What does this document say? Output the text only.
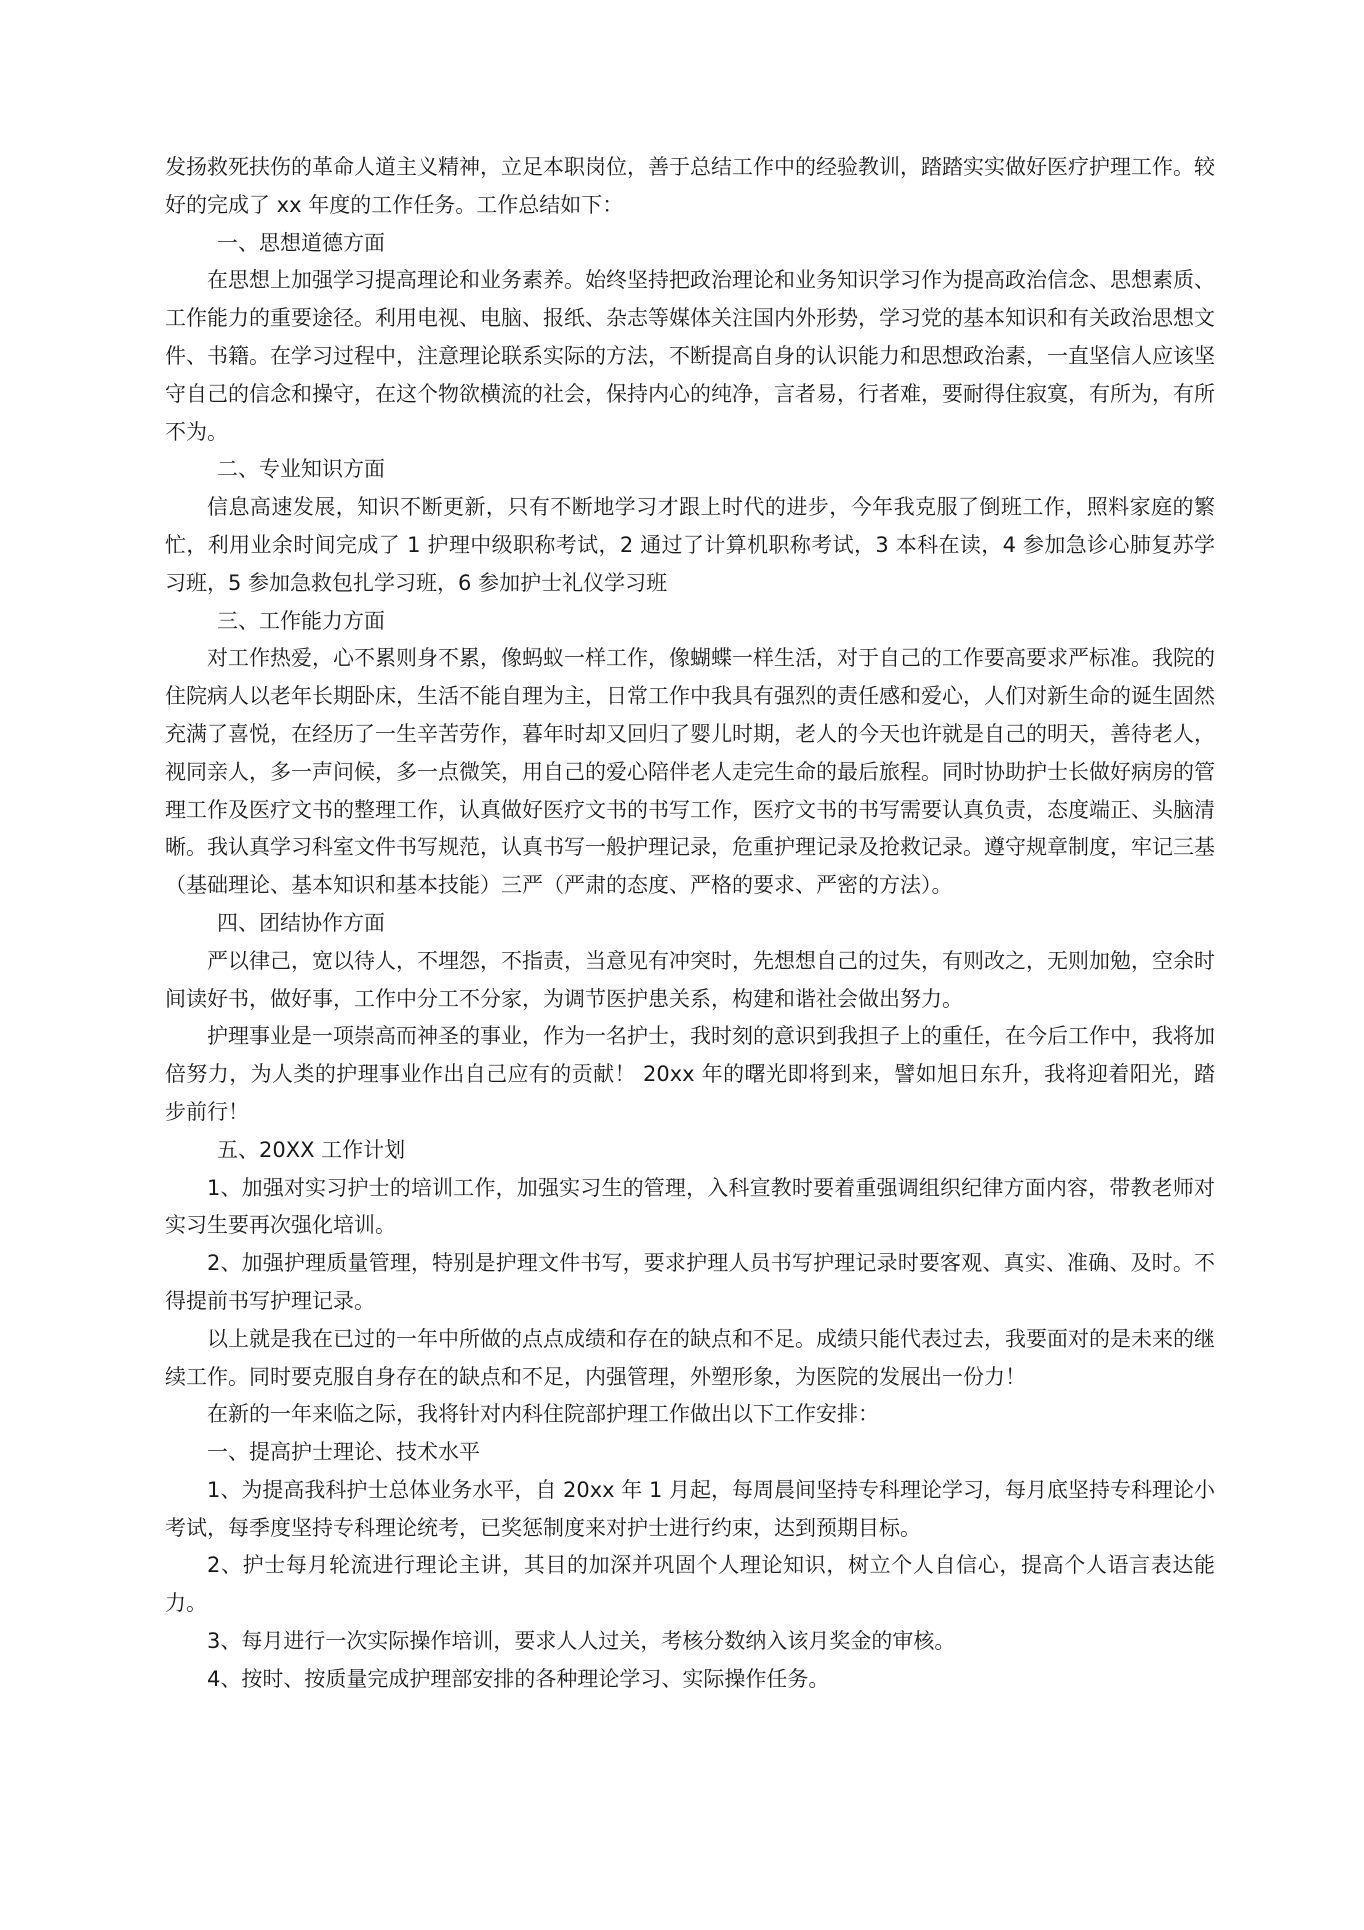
发扬救死扶伤的革命人道主义精神，立足本职岗位，善于总结工作中的经验教训，踏踏实实做好医疗护理工作。较好的完成了 xx 年度的工作任务。工作总结如下：

一、思想道德方面

在思想上加强学习提高理论和业务素养。始终坚持把政治理论和业务知识学习作为提高政治信念、思想素质、工作能力的重要途径。利用电视、电脑、报纸、杂志等媒体关注国内外形势，学习党的基本知识和有关政治思想文件、书籍。在学习过程中，注意理论联系实际的方法，不断提高自身的认识能力和思想政治素，一直坚信人应该坚守自己的信念和操守，在这个物欲横流的社会，保持内心的纯净，言者易，行者难，要耐得住寂寞，有所为，有所不为。

二、专业知识方面

信息高速发展，知识不断更新，只有不断地学习才跟上时代的进步，今年我克服了倒班工作，照料家庭的繁忙，利用业余时间完成了 1 护理中级职称考试，2 通过了计算机职称考试，3 本科在读，4 参加急诊心肺复苏学习班，5 参加急救包扎学习班，6 参加护士礼仪学习班

三、工作能力方面

对工作热爱，心不累则身不累，像蚂蚁一样工作，像蝴蝶一样生活，对于自己的工作要高要求严标准。我院的住院病人以老年长期卧床，生活不能自理为主，日常工作中我具有强烈的责任感和爱心，人们对新生命的诞生固然充满了喜悦，在经历了一生辛苦劳作，暮年时却又回归了婴儿时期，老人的今天也许就是自己的明天，善待老人，视同亲人，多一声问候，多一点微笑，用自己的爱心陪伴老人走完生命的最后旅程。同时协助护士长做好病房的管理工作及医疗文书的整理工作，认真做好医疗文书的书写工作，医疗文书的书写需要认真负责，态度端正、头脑清晰。我认真学习科室文件书写规范，认真书写一般护理记录，危重护理记录及抢救记录。遵守规章制度，牢记三基（基础理论、基本知识和基本技能）三严（严肃的态度、严格的要求、严密的方法）。

四、团结协作方面

严以律己，宽以待人，不埋怨，不指责，当意见有冲突时，先想想自己的过失，有则改之，无则加勉，空余时间读好书，做好事，工作中分工不分家，为调节医护患关系，构建和谐社会做出努力。

护理事业是一项崇高而神圣的事业，作为一名护士，我时刻的意识到我担子上的重任，在今后工作中，我将加倍努力，为人类的护理事业作出自己应有的贡献！ 20xx 年的曙光即将到来，譬如旭日东升，我将迎着阳光，踏步前行！

五、20XX 工作计划

1、加强对实习护士的培训工作，加强实习生的管理，入科宣教时要着重强调组织纪律方面内容，带教老师对实习生要再次强化培训。

2、加强护理质量管理，特别是护理文件书写，要求护理人员书写护理记录时要客观、真实、准确、及时。不得提前书写护理记录。

以上就是我在已过的一年中所做的点点成绩和存在的缺点和不足。成绩只能代表过去，我要面对的是未来的继续工作。同时要克服自身存在的缺点和不足，内强管理，外塑形象，为医院的发展出一份力！

在新的一年来临之际，我将针对内科住院部护理工作做出以下工作安排：

一、提高护士理论、技术水平

1、为提高我科护士总体业务水平，自 20xx 年 1 月起，每周晨间坚持专科理论学习，每月底坚持专科理论小考试，每季度坚持专科理论统考，已奖惩制度来对护士进行约束，达到预期目标。

2、护士每月轮流进行理论主讲，其目的加深并巩固个人理论知识，树立个人自信心，提高个人语言表达能力。

3、每月进行一次实际操作培训，要求人人过关，考核分数纳入该月奖金的审核。

4、按时、按质量完成护理部安排的各种理论学习、实际操作任务。
